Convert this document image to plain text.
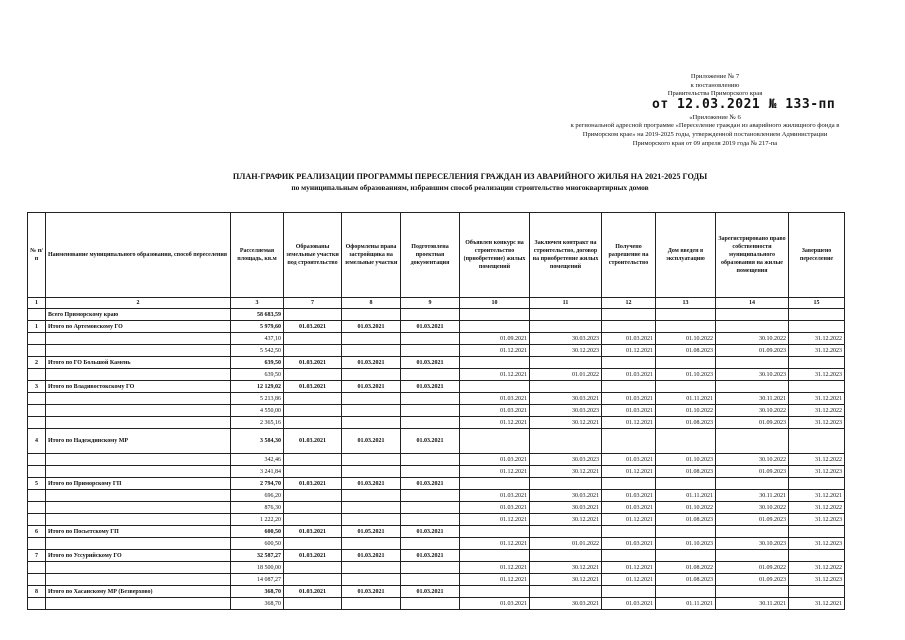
Приложение № 7
к постановлению
Правительства Приморского края
от 12.03.2021 № 133-пп
«Приложение № 6
к региональной адресной программе «Переселение граждан из аварийного жилищного фонда в
Приморском крае» на 2019-2025 годы, утвержденной постановлением Администрации
Приморского края от 09 апреля 2019 года № 217-па
ПЛАН-ГРАФИК РЕАЛИЗАЦИИ ПРОГРАММЫ ПЕРЕСЕЛЕНИЯ ГРАЖДАН ИЗ АВАРИЙНОГО ЖИЛЬЯ НА 2021-2025 ГОДЫ
по муниципальным образованиям, избравшим способ реализации строительство многоквартирных домов
№ п/п	Наименование муниципального образования, способ переселения	Расселяемая площадь, кв.м	Образованы земельные участки под строительство	Оформлены права застройщика на земельные участки	Подготовлена проектная документация	Объявлен конкурс на строительство (приобретение) жилых помещений	Заключен контракт на строительство, договор на приобретение жилых помещений	Получено разрешение на строительство	Дом введен в эксплуатацию	Зарегистрировано право собственности муниципального образования на жилые помещения	Завершено переселение
1	2	3	7	8	9	10	11	12	13	14	15
	Всего Приморскому краю	58 683,59									
1	Итого по Артемовскому ГО	5 979,60	01.03.2021	01.03.2021	01.03.2021						
		437,10				01.09.2021	30.03.2023	01.03.2021	01.10.2022	30.10.2022	31.12.2022
		5 542,50				01.12.2021	30.12.2023	01.12.2021	01.08.2023	01.09.2023	31.12.2023
2	Итого по ГО Большой Камень	639,50	01.03.2021	01.03.2021	01.03.2021						
		639,50				01.12.2021	01.01.2022	01.03.2021	01.10.2023	30.10.2023	31.12.2023
3	Итого по Владивостокскому ГО	12 129,02	01.03.2021	01.03.2021	01.03.2021						
		5 213,86				01.03.2021	30.03.2021	01.03.2021	01.11.2021	30.11.2021	31.12.2021
		4 550,00				01.03.2021	30.03.2023	01.03.2021	01.10.2022	30.10.2022	31.12.2022
		2 365,16				01.12.2021	30.12.2021	01.12.2021	01.08.2023	01.09.2023	31.12.2023
4	Итого по Надеждинскому МР	3 584,30	01.03.2021	01.03.2021	01.03.2021						
		342,46				01.03.2021	30.03.2023	01.03.2021	01.10.2023	30.10.2022	31.12.2022
		3 241,84				01.12.2021	30.12.2021	01.12.2021	01.08.2023	01.09.2023	31.12.2023
5	Итого по Приморскому ГП	2 794,70	01.03.2021	01.03.2021	01.03.2021						
		696,20				01.03.2021	30.03.2021	01.03.2021	01.11.2021	30.11.2021	31.12.2021
		876,30				01.03.2021	30.03.2021	01.03.2021	01.10.2022	30.10.2022	31.12.2022
		1 222,20				01.12.2021	30.12.2021	01.12.2021	01.08.2023	01.09.2023	31.12.2023
6	Итого по Посьетскому ГП	600,50	01.03.2021	01.05.2021	01.03.2021						
		600,50				01.12.2021	01.01.2022	01.03.2021	01.10.2023	30.10.2023	31.12.2023
7	Итого по Уссурийскому ГО	32 587,27	01.03.2021	01.03.2021	01.03.2021						
		18 500,00				01.12.2021	30.12.2021	01.12.2021	01.08.2022	01.09.2022	31.12.2022
		14 087,27				01.12.2021	30.12.2021	01.12.2021	01.08.2023	01.09.2023	31.12.2023
8	Итого по Хасанскому МР (Безверхово)	368,70	01.03.2021	01.03.2021	01.03.2021						
		368,70				01.03.2021	30.03.2021	01.03.2021	01.11.2021	30.11.2021	31.12.2021
